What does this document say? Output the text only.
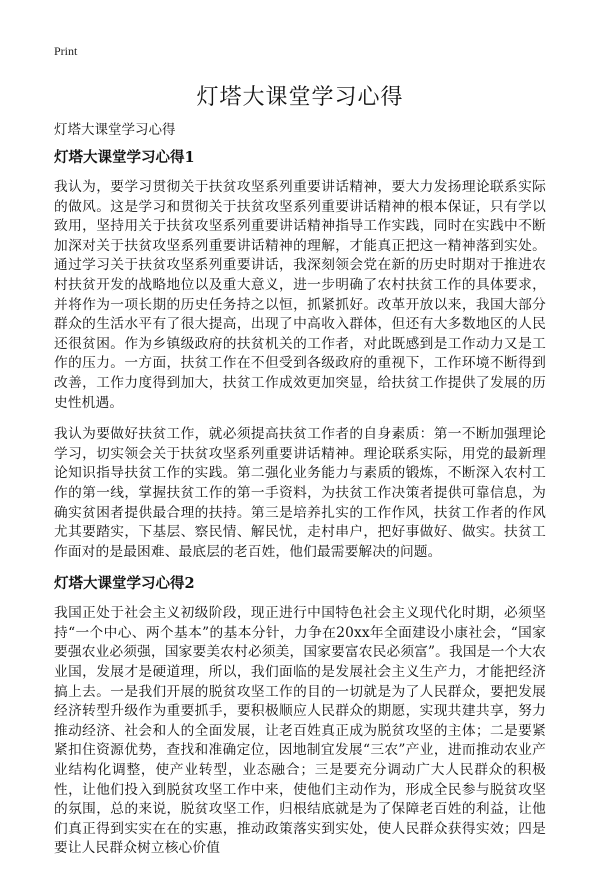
Print
灯塔大课堂学习心得

灯塔大课堂学习心得

灯塔大课堂学习心得1

我认为，要学习贯彻关于扶贫攻坚系列重要讲话精神，要大力发扬理论联系实际的做风。这是学习和贯彻关于扶贫攻坚系列重要讲话精神的根本保证，只有学以致用，坚持用关于扶贫攻坚系列重要讲话精神指导工作实践，同时在实践中不断加深对关于扶贫攻坚系列重要讲话精神的理解，才能真正把这一精神落到实处。通过学习关于扶贫攻坚系列重要讲话，我深刻领会党在新的历史时期对于推进农村扶贫开发的战略地位以及重大意义，进一步明确了农村扶贫工作的具体要求，并将作为一项长期的历史任务持之以恒，抓紧抓好。改革开放以来，我国大部分群众的生活水平有了很大提高，出现了中高收入群体，但还有大多数地区的人民还很贫困。作为乡镇级政府的扶贫机关的工作者，对此既感到是工作动力又是工作的压力。一方面，扶贫工作在不但受到各级政府的重视下，工作环境不断得到改善，工作力度得到加大，扶贫工作成效更加突显，给扶贫工作提供了发展的历史性机遇。

我认为要做好扶贫工作，就必须提高扶贫工作者的自身素质：第一不断加强理论学习，切实领会关于扶贫攻坚系列重要讲话精神。理论联系实际，用党的最新理论知识指导扶贫工作的实践。第二强化业务能力与素质的锻炼，不断深入农村工作的第一线，掌握扶贫工作的第一手资料，为扶贫工作决策者提供可靠信息，为确实贫困者提供最合理的扶持。第三是培养扎实的工作作风，扶贫工作者的作风尤其要踏实，下基层、察民情、解民忧，走村串户，把好事做好、做实。扶贫工作面对的是最困难、最底层的老百姓，他们最需要解决的问题。

灯塔大课堂学习心得2

我国正处于社会主义初级阶段，现正进行中国特色社会主义现代化时期，必须坚持“一个中心、两个基本”的基本分针，力争在20xx年全面建设小康社会，“国家要强农业必须强，国家要美农村必须美，国家要富农民必须富”。我国是一个大农业国，发展才是硬道理，所以，我们面临的是发展社会主义生产力，才能把经济搞上去。一是我们开展的脱贫攻坚工作的目的一切就是为了人民群众，要把发展经济转型升级作为重要抓手，要积极顺应人民群众的期愿，实现共建共享，努力推动经济、社会和人的全面发展，让老百姓真正成为脱贫攻坚的主体；二是要紧紧扣住资源优势，查找和准确定位，因地制宜发展“三农”产业，进而推动农业产业结构化调整，使产业转型，业态融合；三是要充分调动广大人民群众的积极性，让他们投入到脱贫攻坚工作中来，使他们主动作为，形成全民参与脱贫攻坚的氛围，总的来说，脱贫攻坚工作，归根结底就是为了保障老百姓的利益，让他们真正得到实实在在的实惠，推动政策落实到实处，使人民群众获得实效；四是要让人民群众树立核心价值
